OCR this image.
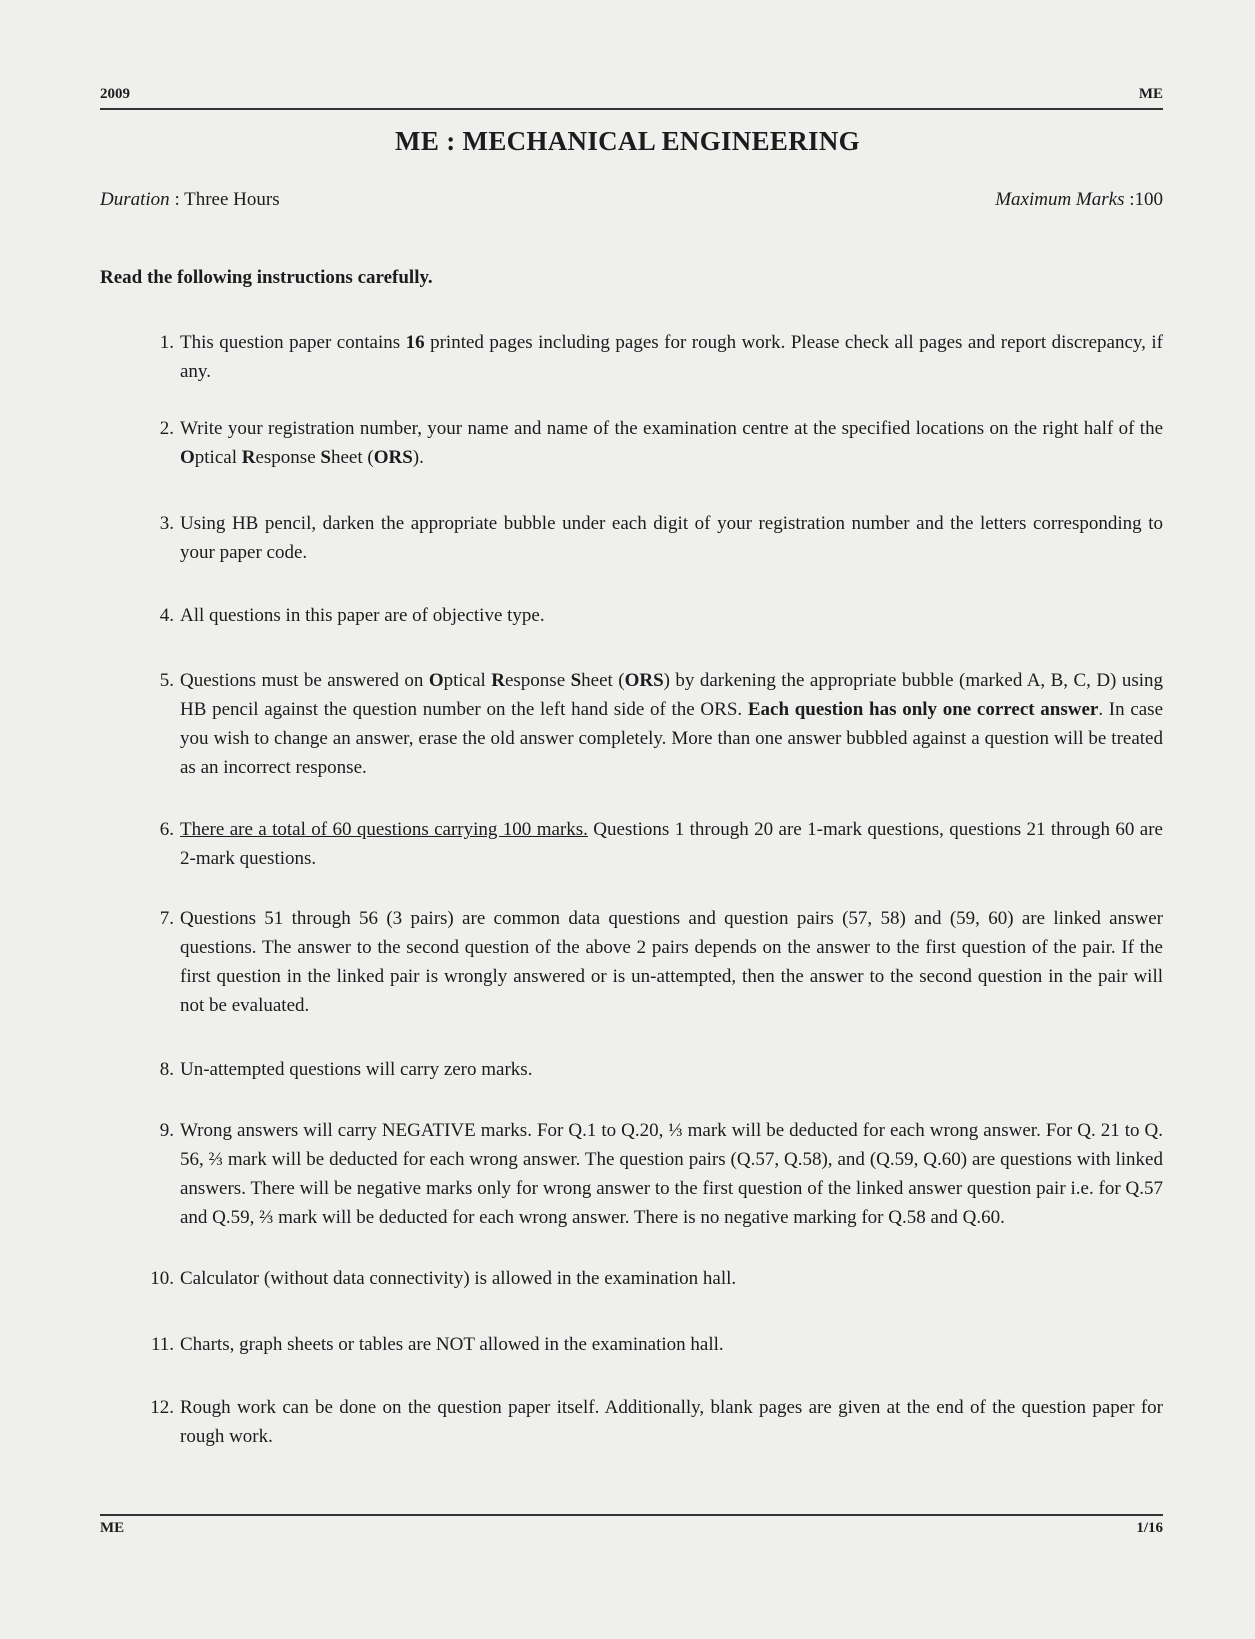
2009	ME
ME : MECHANICAL ENGINEERING
Duration : Three Hours	Maximum Marks :100
Read the following instructions carefully.
1. This question paper contains 16 printed pages including pages for rough work. Please check all pages and report discrepancy, if any.
2. Write your registration number, your name and name of the examination centre at the specified locations on the right half of the Optical Response Sheet (ORS).
3. Using HB pencil, darken the appropriate bubble under each digit of your registration number and the letters corresponding to your paper code.
4. All questions in this paper are of objective type.
5. Questions must be answered on Optical Response Sheet (ORS) by darkening the appropriate bubble (marked A, B, C, D) using HB pencil against the question number on the left hand side of the ORS. Each question has only one correct answer. In case you wish to change an answer, erase the old answer completely. More than one answer bubbled against a question will be treated as an incorrect response.
6. There are a total of 60 questions carrying 100 marks. Questions 1 through 20 are 1-mark questions, questions 21 through 60 are 2-mark questions.
7. Questions 51 through 56 (3 pairs) are common data questions and question pairs (57, 58) and (59, 60) are linked answer questions. The answer to the second question of the above 2 pairs depends on the answer to the first question of the pair. If the first question in the linked pair is wrongly answered or is un-attempted, then the answer to the second question in the pair will not be evaluated.
8. Un-attempted questions will carry zero marks.
9. Wrong answers will carry NEGATIVE marks. For Q.1 to Q.20, ⅓ mark will be deducted for each wrong answer. For Q. 21 to Q. 56, ⅔ mark will be deducted for each wrong answer. The question pairs (Q.57, Q.58), and (Q.59, Q.60) are questions with linked answers. There will be negative marks only for wrong answer to the first question of the linked answer question pair i.e. for Q.57 and Q.59, ⅔ mark will be deducted for each wrong answer. There is no negative marking for Q.58 and Q.60.
10. Calculator (without data connectivity) is allowed in the examination hall.
11. Charts, graph sheets or tables are NOT allowed in the examination hall.
12. Rough work can be done on the question paper itself. Additionally, blank pages are given at the end of the question paper for rough work.
ME	1/16
